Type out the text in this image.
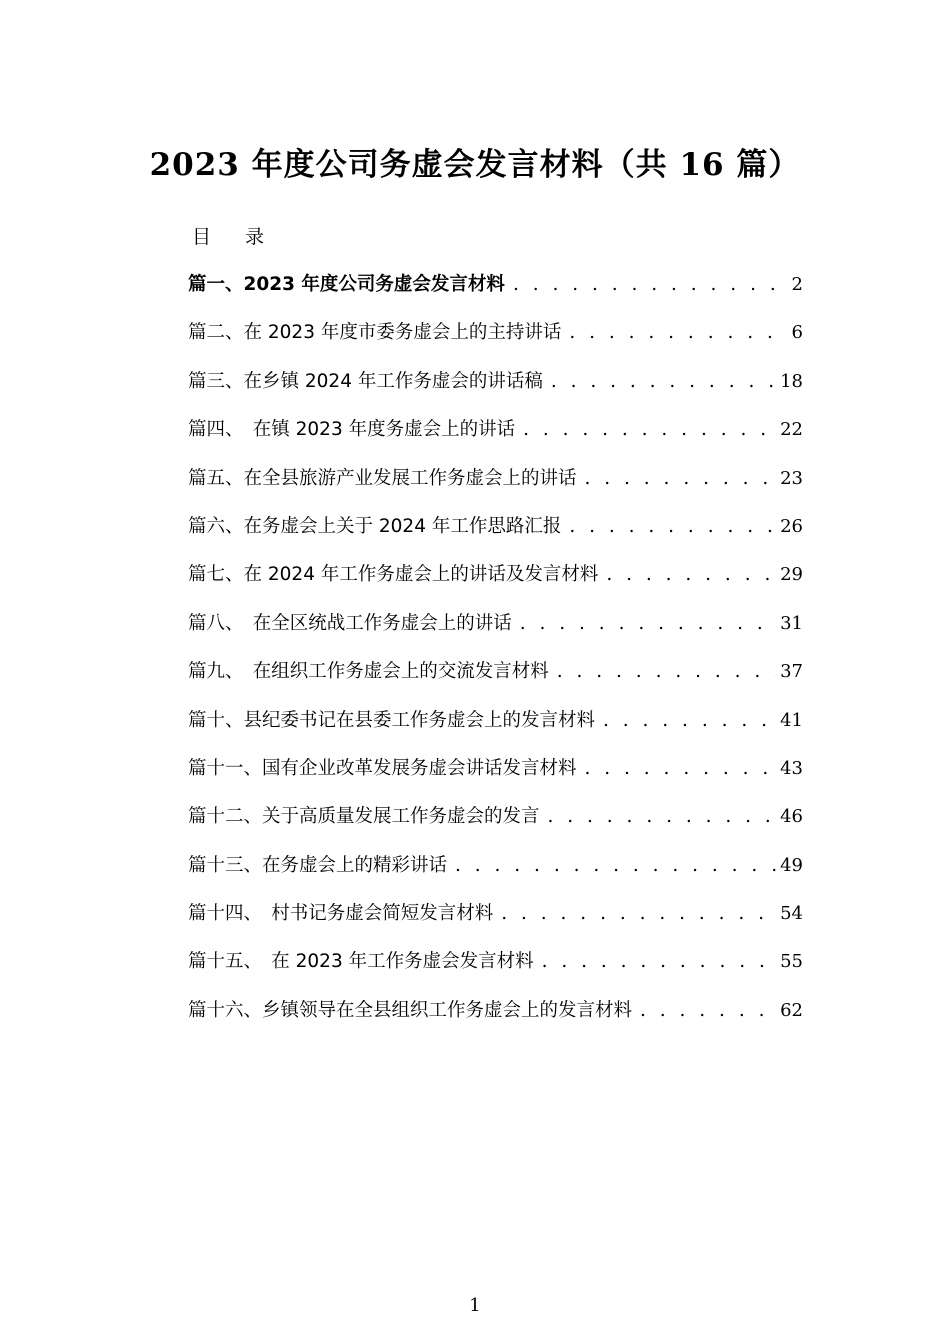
2023 年度公司务虚会发言材料（共 16 篇）
目 录
篇一、2023 年度公司务虚会发言材料 . . .	2
篇二、在 2023 年度市委务虚会上的主持讲话 . . .	6
篇三、在乡镇 2024 年工作务虚会的讲话稿 . . .	18
篇四、　在镇 2023 年度务虚会上的讲话 . . .	22
篇五、在全县旅游产业发展工作务虚会上的讲话 . . .	23
篇六、在务虚会上关于 2024 年工作思路汇报 . . .	26
篇七、在 2024 年工作务虚会上的讲话及发言材料 . . .	29
篇八、　在全区统战工作务虚会上的讲话 . . .	31
篇九、　在组织工作务虚会上的交流发言材料 . . .	37
篇十、县纪委书记在县委工作务虚会上的发言材料 . . .	41
篇十一、国有企业改革发展务虚会讲话发言材料 . . .	43
篇十二、关于高质量发展工作务虚会的发言 . . .	46
篇十三、在务虚会上的精彩讲话 . . .	49
篇十四、　村书记务虚会简短发言材料 . . .	54
篇十五、　在 2023 年工作务虚会发言材料 . . .	55
篇十六、乡镇领导在全县组织工作务虚会上的发言材料 . . .	62
1
